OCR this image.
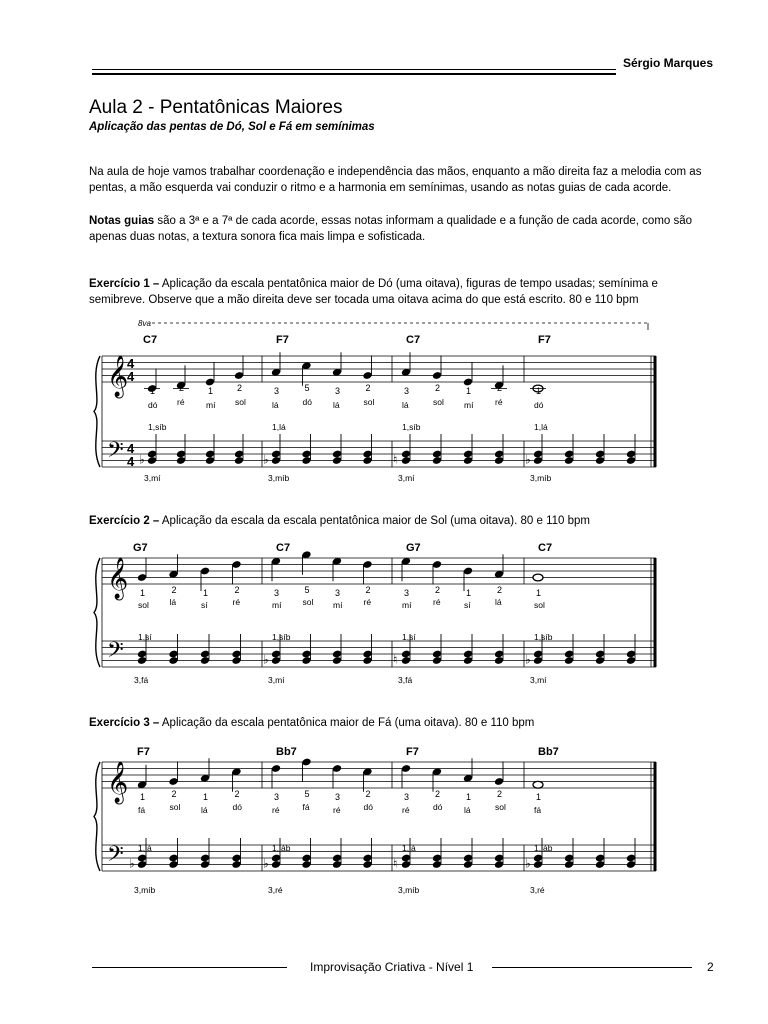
Sérgio Marques
Aula 2 - Pentatônicas Maiores
Aplicação das pentas de Dó, Sol e Fá em semínimas
Na aula de hoje vamos trabalhar coordenação e independência das mãos, enquanto a mão direita faz a melodia com as pentas, a mão esquerda vai conduzir o ritmo e a harmonia em semínimas, usando as notas guias de cada acorde.
Notas guias são a 3ª e a 7ª de cada acorde, essas notas informam a qualidade e a função de cada acorde, como são apenas duas notas, a textura sonora fica mais limpa e sofisticada.
Exercício 1 – Aplicação da escala pentatônica maior de Dó (uma oitava), figuras de tempo usadas; semínima e semibreve. Observe que a mão direita deve ser tocada uma oitava acima do que está escrito. 80 e 110 bpm
𝄞
𝄢
4
4
4
4
8va
C7
1
dó
2
ré
1
mí
2
sol
♭
1,síb
3,mí
F7
3
lá
5
dó
3
lá
2
sol
♭
1,lá
3,míb
C7
3
lá
2
sol
1
mí
2
ré
♮
1,síb
3,mí
F7
1
dó
♭
1,lá
3,míb
Exercício 2 – Aplicação da escala da escala pentatônica maior de Sol (uma oitava). 80 e 110 bpm
𝄞
𝄢
G7
1
sol
2
lá
1
sí
2
ré
1,sí
3,fá
C7
3
mí
5
sol
3
mí
2
ré
♭
1,síb
3,mí
G7
3
mí
2
ré
1
sí
2
lá
♮
1,sí
3,fá
C7
1
sol
♭
1,síb
3,mí
Exercício 3 – Aplicação da escala pentatônica maior de Fá (uma oitava). 80 e 110 bpm
𝄞
𝄢
F7
1
fá
2
sol
1
lá
2
dó
♭
1,lá
3,míb
Bb7
3
ré
5
fá
3
ré
2
dó
♭
1,láb
3,ré
F7
3
ré
2
dó
1
lá
2
sol
♮
1,lá
3,míb
Bb7
1
fá
♭
1,láb
3,ré
Improvisação Criativa - Nível 1	2
